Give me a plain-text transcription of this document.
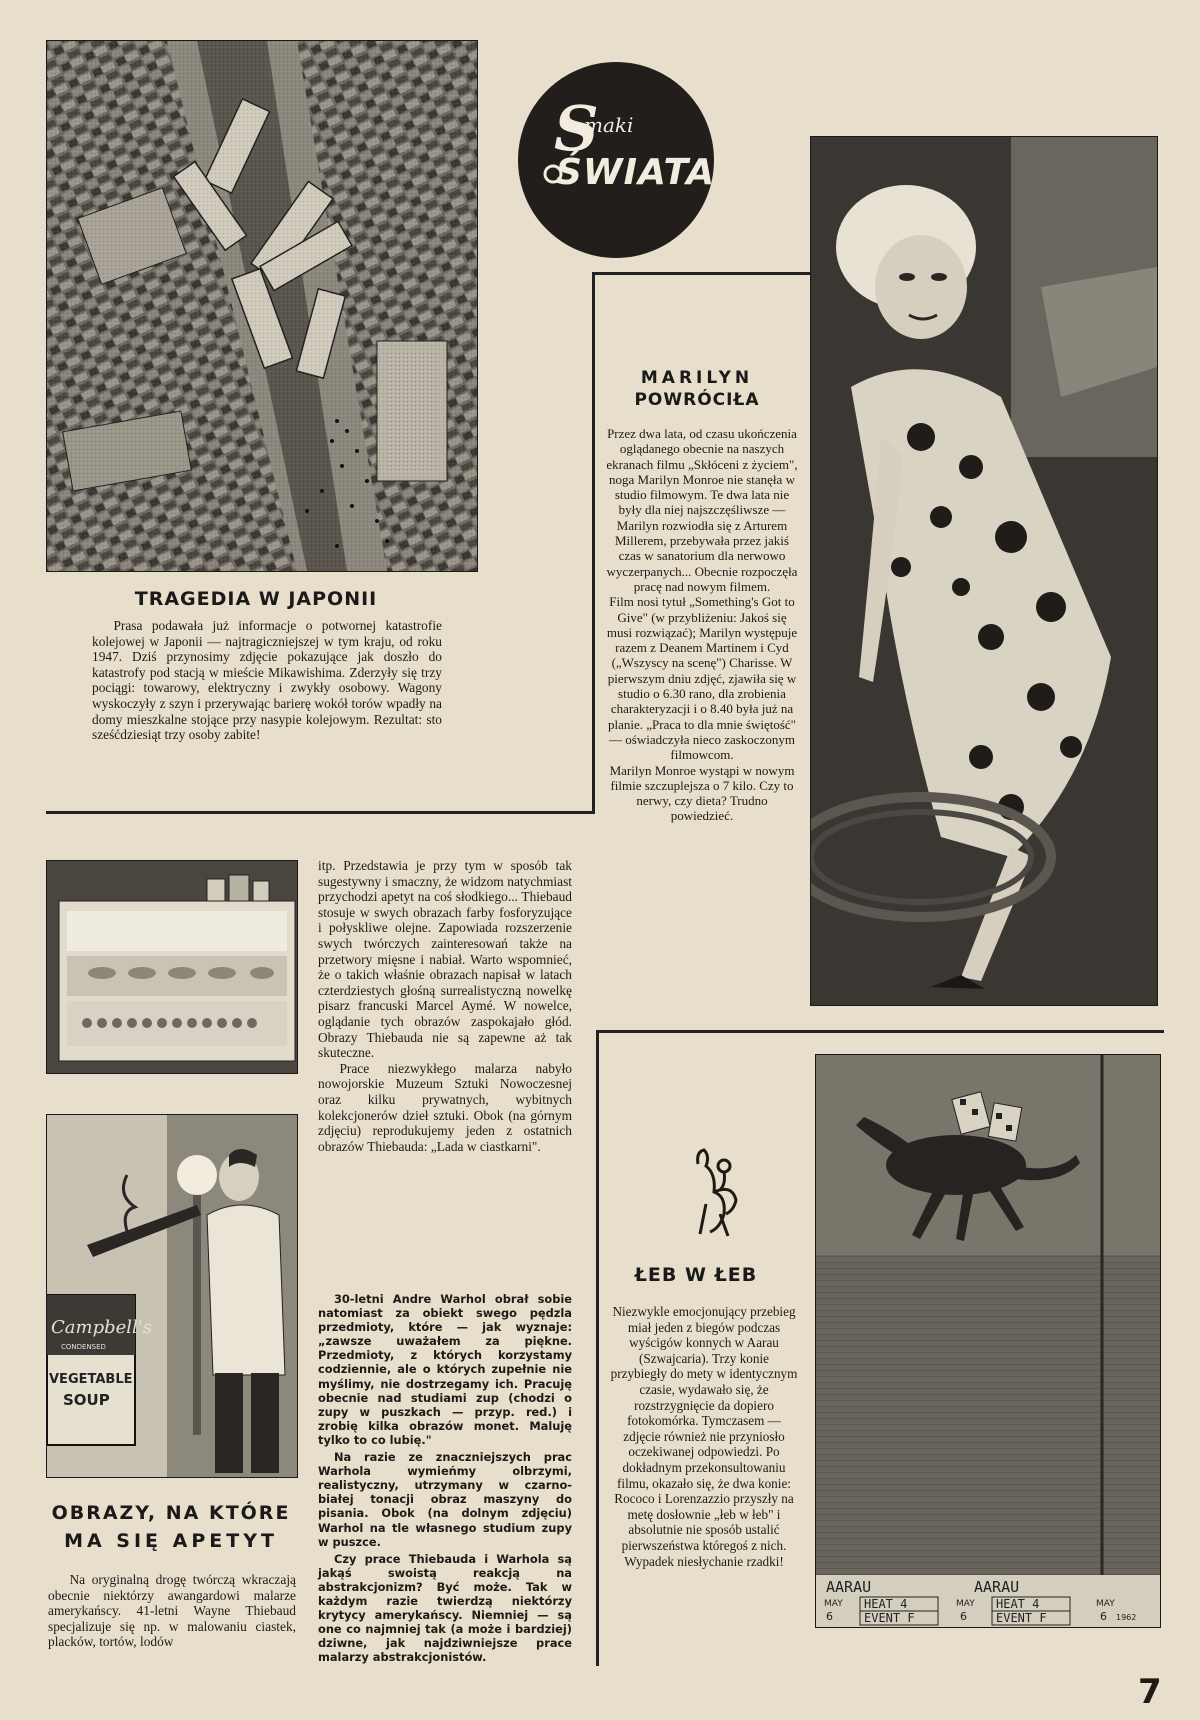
S
maki
ŚWIATA
TRAGEDIA W JAPONII

Prasa podawała już informacje o potwornej katastrofie kolejowej w Japonii — najtragiczniejszej w tym kraju, od roku 1947. Dziś przynosimy zdjęcie pokazujące jak doszło do katastrofy pod stacją w mieście Mikawishima. Zderzyły się trzy pociągi: towarowy, elektryczny i zwykły osobowy. Wagony wyskoczyły z szyn i przerywając barierę wokół torów wpadły na domy mieszkalne stojące przy nasypie kolejowym. Rezultat: sto sześćdziesiąt trzy osoby zabite!

MARILYN
POWRÓCIŁA

Przez dwa lata, od czasu ukończenia oglądanego obecnie na naszych ekranach filmu „Skłóceni z życiem", noga Marilyn Monroe nie stanęła w studio filmowym. Te dwa lata nie były dla niej najszczęśliwsze — Marilyn rozwiodła się z Arturem Millerem, przebywała przez jakiś czas w sanatorium dla nerwowo wyczerpanych... Obecnie rozpoczęła pracę nad nowym filmem.

Film nosi tytuł „Something's Got to Give" (w przybliżeniu: Jakoś się musi rozwiązać); Marilyn występuje razem z Deanem Martinem i Cyd („Wszyscy na scenę") Charisse. W pierwszym dniu zdjęć, zjawiła się w studio o 6.30 rano, dla zrobienia charakteryzacji i o 8.40 była już na planie. „Praca to dla mnie świętość" — oświadczyła nieco zaskoczonym filmowcom.

Marilyn Monroe wystąpi w nowym filmie szczuplejsza o 7 kilo. Czy to nerwy, czy dieta? Trudno powiedzieć.

Campbell's
CONDENSED
VEGETABLE
SOUP
OBRAZY, NA KTÓRE
MA SIĘ APETYT

Na oryginalną drogę twórczą wkraczają obecnie niektórzy awangardowi malarze amerykańscy. 41-letni Wayne Thiebaud specjalizuje się np. w malowaniu ciastek, placków, tortów, lodów

itp. Przedstawia je przy tym w sposób tak sugestywny i smaczny, że widzom natychmiast przychodzi apetyt na coś słodkiego... Thiebaud stosuje w swych obrazach farby fosforyzujące i połyskliwe olejne. Zapowiada rozszerzenie swych twórczych zainteresowań także na przetwory mięsne i nabiał. Warto wspomnieć, że o takich właśnie obrazach napisał w latach czterdziestych głośną surrealistyczną nowelkę pisarz francuski Marcel Aymé. W nowelce, oglądanie tych obrazów zaspokajało głód. Obrazy Thiebauda nie są zapewne aż tak skuteczne.

Prace niezwykłego malarza nabyło nowojorskie Muzeum Sztuki Nowoczesnej oraz kilku prywatnych, wybitnych kolekcjonerów dzieł sztuki. Obok (na górnym zdjęciu) reprodukujemy jeden z ostatnich obrazów Thiebauda: „Lada w ciastkarni".

30-letni Andre Warhol obrał sobie natomiast za obiekt swego pędzla przedmioty, które — jak wyznaje: „zawsze uważałem za piękne. Przedmioty, z których korzystamy codziennie, ale o których zupełnie nie myślimy, nie dostrzegamy ich. Pracuję obecnie nad studiami zup (chodzi o zupy w puszkach — przyp. red.) i zrobię kilka obrazów monet. Maluję tylko to co lubię."

Na razie ze znaczniejszych prac Warhola wymieńmy olbrzymi, realistyczny, utrzymany w czarno-białej tonacji obraz maszyny do pisania. Obok (na dolnym zdjęciu) Warhol na tle własnego studium zupy w puszce.

Czy prace Thiebauda i Warhola są jakąś swoistą reakcją na abstrakcjonizm? Być może. Tak w każdym razie twierdzą niektórzy krytycy amerykańscy. Niemniej — są one co najmniej tak (a może i bardziej) dziwne, jak najdziwniejsze prace malarzy abstrakcjonistów.

ŁEB W ŁEB

Niezwykle emocjonujący przebieg miał jeden z biegów podczas wyścigów konnych w Aarau (Szwajcaria). Trzy konie przybiegły do mety w identycznym czasie, wydawało się, że rozstrzygnięcie da dopiero fotokomórka. Tymczasem — zdjęcie również nie przyniosło oczekiwanej odpowiedzi. Po dokładnym przekonsultowaniu filmu, okazało się, że dwa konie: Rococo i Lorenzazzio przyszły na metę dosłownie „łeb w łeb" i absolutnie nie sposób ustalić pierwszeństwa któregoś z nich.

Wypadek niesłychanie rzadki!

AARAU	AARAU
MAY
6
HEAT 4
EVENT F
MAY
6
HEAT 4
EVENT F
MAY
6 1962
7
